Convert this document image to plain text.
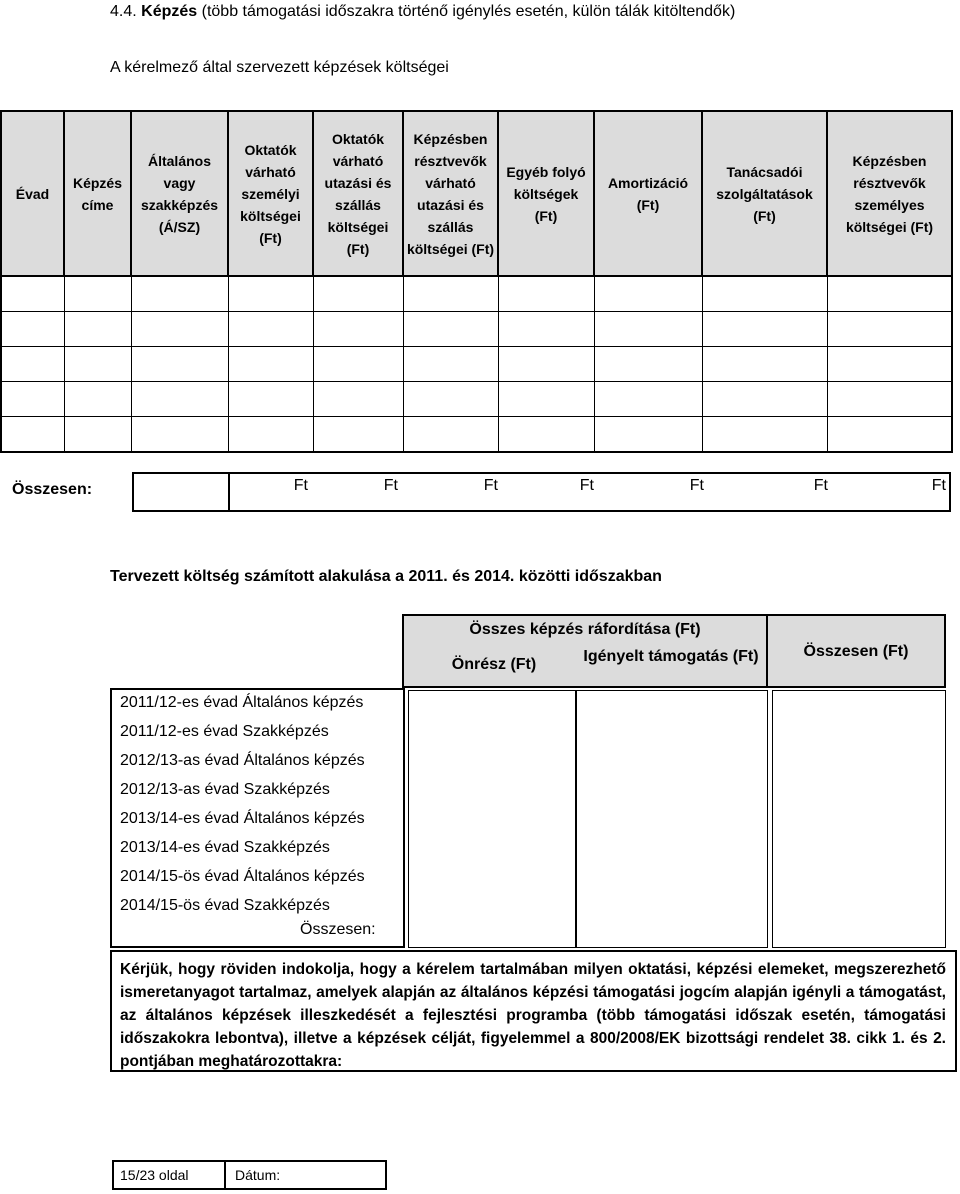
4.4. Képzés (több támogatási időszakra történő igénylés esetén, külön tálák kitöltendők)
A kérelmező által szervezett képzések költségei
Évad	Képzés címe	Általános vagy szakképzés (Á/SZ)	Oktatók várható személyi költségei (Ft)	Oktatók várható utazási és szállás költségei (Ft)	Képzésben résztvevők várható utazási és szállás költségei (Ft)	Egyéb folyó költségek (Ft)	Amortizáció (Ft)	Tanácsadói szolgáltatások (Ft)	Képzésben résztvevők személyes költségei (Ft)

Összesen:	Ft	Ft	Ft	Ft	Ft	Ft	Ft
Tervezett költség számított alakulása a 2011. és 2014. közötti időszakban
Összes képzés ráfordítása (Ft)
Önrész (Ft)	Igényelt támogatás (Ft)	Összesen (Ft)
2011/12-es évad Általános képzés
2011/12-es évad Szakképzés
2012/13-as évad Általános képzés
2012/13-as évad Szakképzés
2013/14-es évad Általános képzés
2013/14-es évad Szakképzés
2014/15-ös évad Általános képzés
2014/15-ös évad Szakképzés
Összesen:
Kérjük, hogy röviden indokolja, hogy a kérelem tartalmában milyen oktatási, képzési elemeket, megszerezhető ismeretanyagot tartalmaz, amelyek alapján az általános képzési támogatási jogcím alapján igényli a támogatást, az általános képzések illeszkedését a fejlesztési programba (több támogatási időszak esetén, támogatási időszakokra lebontva), illetve a képzések célját, figyelemmel a 800/2008/EK bizottsági rendelet 38. cikk 1. és 2. pontjában meghatározottakra:
15/23 oldal	Dátum:
